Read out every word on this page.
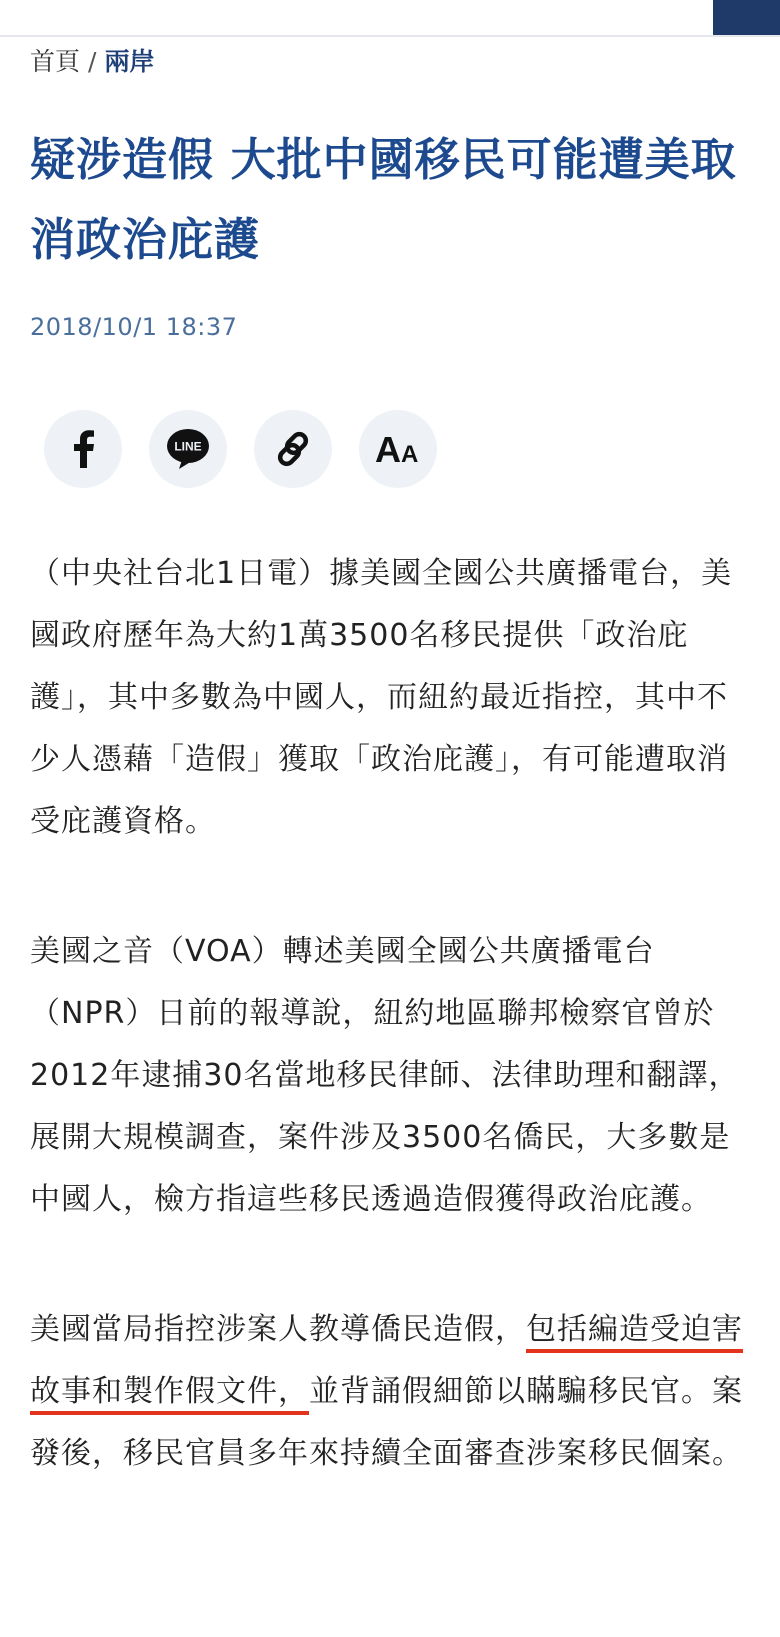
首頁 / 兩岸
疑涉造假 大批中國移民可能遭美取消政治庇護
2018/10/1 18:37
LINE	A A

（中央社台北1日電）據美國全國公共廣播電台，美國政府歷年為大約1萬3500名移民提供「政治庇護」，其中多數為中國人，而紐約最近指控，其中不少人憑藉「造假」獲取「政治庇護」，有可能遭取消受庇護資格。

美國之音（VOA）轉述美國全國公共廣播電台（NPR）日前的報導說，紐約地區聯邦檢察官曾於2012年逮捕30名當地移民律師、法律助理和翻譯，展開大規模調查，案件涉及3500名僑民，大多數是中國人，檢方指這些移民透過造假獲得政治庇護。

美國當局指控涉案人教導僑民造假，包括編造受迫害故事和製作假文件，並背誦假細節以瞞騙移民官。案發後，移民官員多年來持續全面審查涉案移民個案。
